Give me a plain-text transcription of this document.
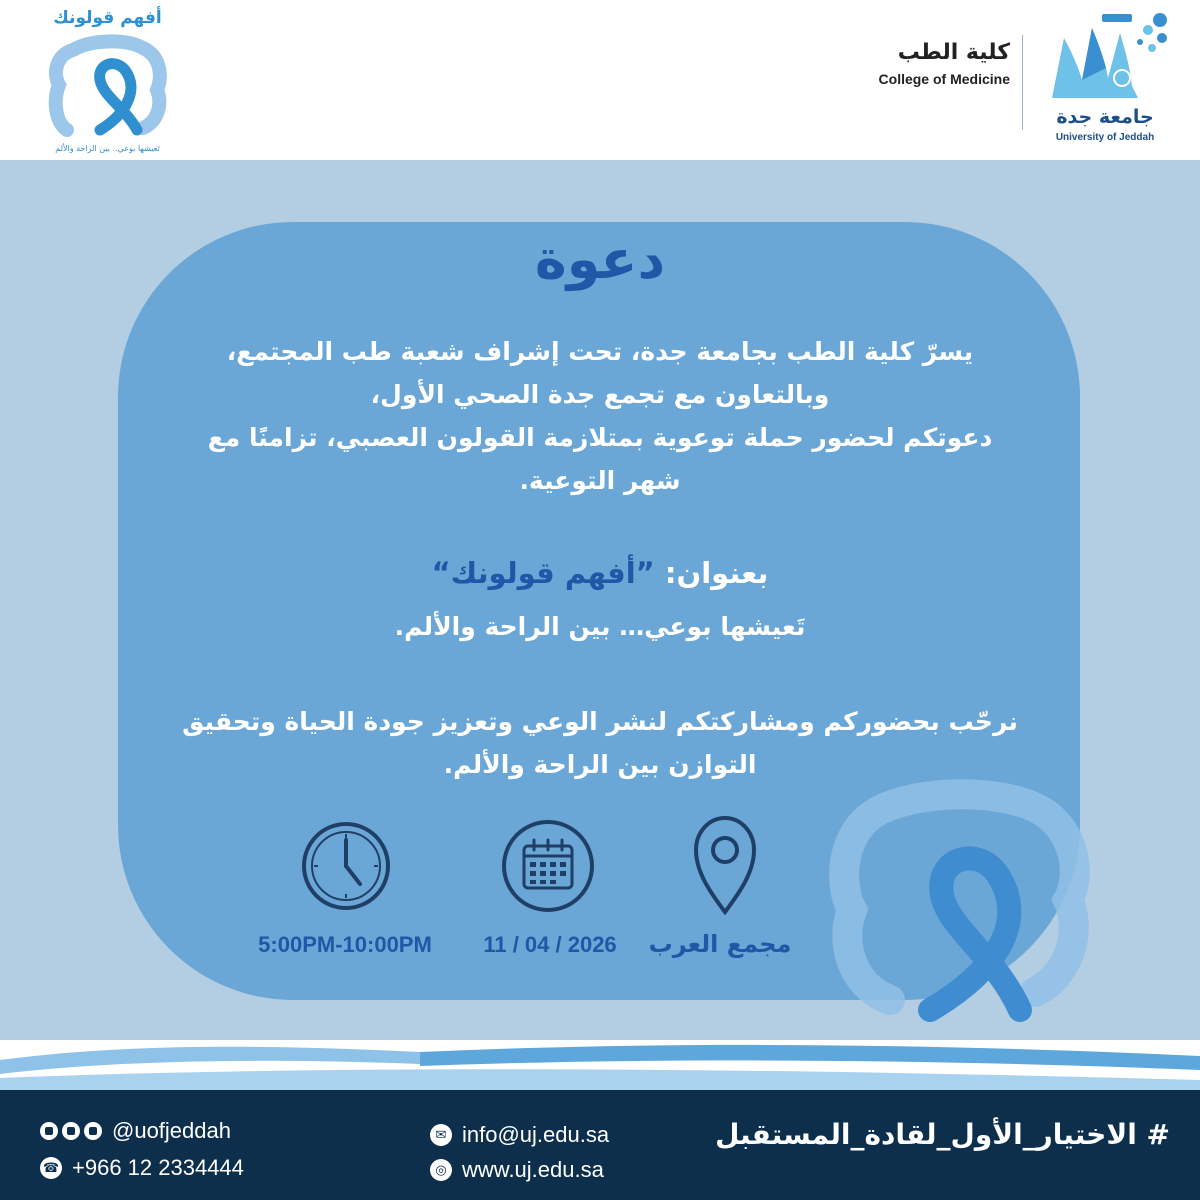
أفهم قولونك
تَعيشها بوعي.. بين الراحة والألم
كلية الطب
College of Medicine
جامعة جدة
University of Jeddah
دعوة
يسرّ كلية الطب بجامعة جدة، تحت إشراف شعبة طب المجتمع،
وبالتعاون مع تجمع جدة الصحي الأول،
دعوتكم لحضور حملة توعوية بمتلازمة القولون العصبي، تزامنًا مع
شهر التوعية.
بعنوان: ”أفهم قولونك“
تَعيشها بوعي… بين الراحة والألم.
نرحّب بحضوركم ومشاركتكم لنشر الوعي وتعزيز جودة الحياة وتحقيق
التوازن بين الراحة والألم.
5:00PM-10:00PM	11 / 04 / 2026	مجمع العرب
@uofjeddah
☎ +966 12 2334444
✉ info@uj.edu.sa
◎ www.uj.edu.sa
# الاختيار_الأول_لقادة_المستقبل
